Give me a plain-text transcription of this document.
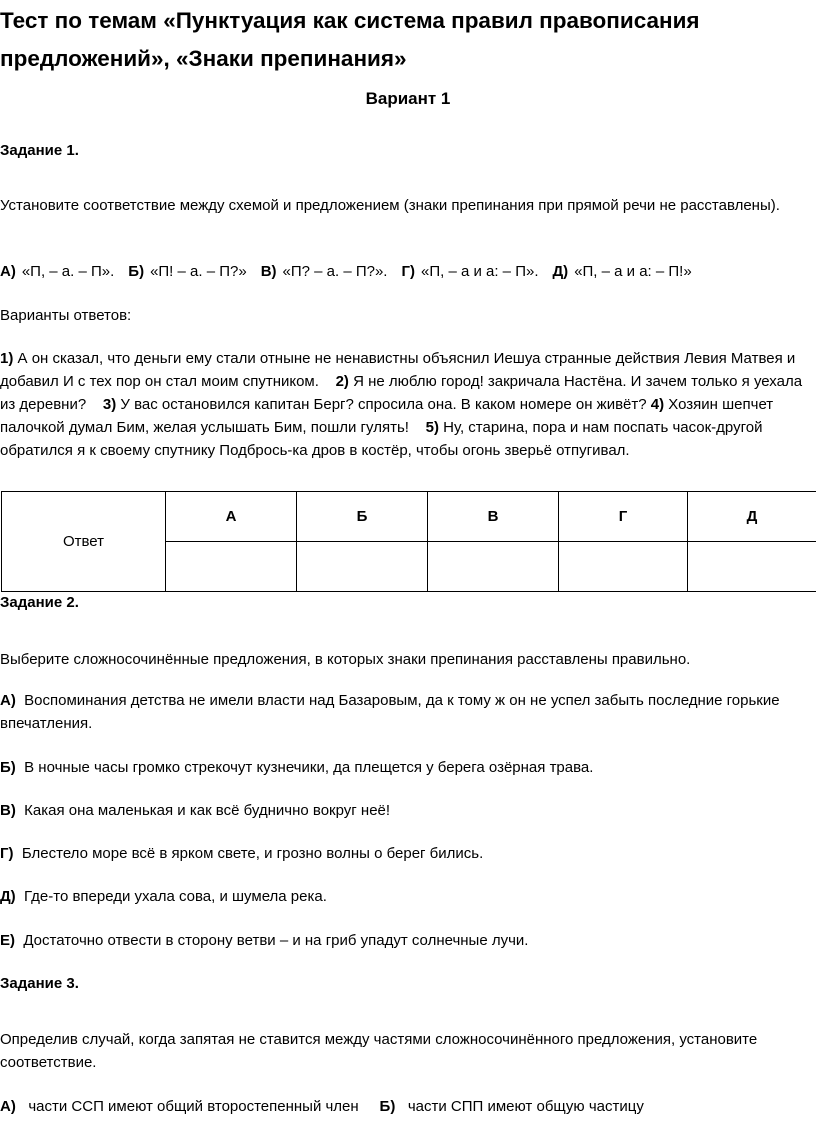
Тест по темам «Пунктуация как система правил правописания предложений», «Знаки препинания»
Вариант 1
Задание 1.

Установите соответствие между схемой и предложением (знаки препинания при прямой речи не расставлены).

А) «П, – а. – П». Б) «П! – а. – П?» В) «П? – а. – П?». Г) «П, – а и а: – П». Д) «П, – а и а: – П!»

Варианты ответов:

1) А он сказал, что деньги ему стали отныне не ненавистны объяснил Иешуа странные действия Левия Матвея и добавил И с тех пор он стал моим спутником. 2) Я не люблю город! закричала Настёна. И зачем только я уехала из деревни? 3) У вас остановился капитан Берг? спросила она. В каком номере он живёт? 4) Хозяин шепчет палочкой думал Бим, желая услышать Бим, пошли гулять! 5) Ну, старина, пора и нам поспать часок-другой обратился я к своему спутнику Подбрось-ка дров в костёр, чтобы огонь зверьё отпугивал.

Ответ	А	Б	В	Г	Д

Задание 2.

Выберите сложносочинённые предложения, в которых знаки препинания расставлены правильно.

А) Воспоминания детства не имели власти над Базаровым, да к тому ж он не успел забыть последние горькие впечатления.

Б) В ночные часы громко стрекочут кузнечики, да плещется у берега озёрная трава.

В) Какая она маленькая и как всё буднично вокруг неё!

Г) Блестело море всё в ярком свете, и грозно волны о берег бились.

Д) Где-то впереди ухала сова, и шумела река.

Е) Достаточно отвести в сторону ветви – и на гриб упадут солнечные лучи.

Задание 3.

Определив случай, когда запятая не ставится между частями сложносочинённого предложения, установите соответствие.

А) части ССП имеют общий второстепенный член Б) части СПП имеют общую частицу
